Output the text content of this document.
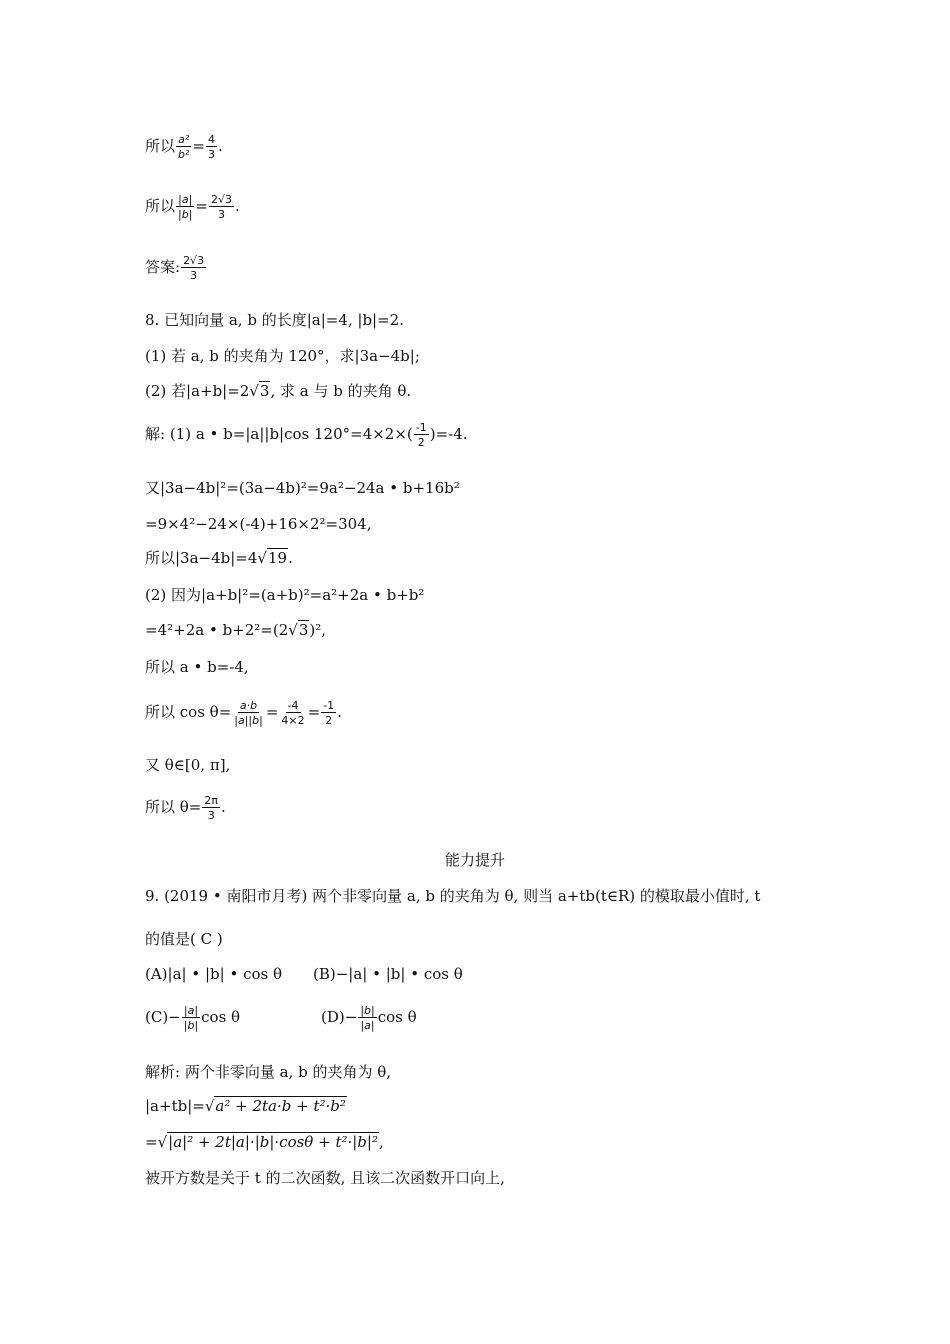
所以 $\frac{\text{a²}}{\text{b²}} = \frac{4}{3}$ .
所以 $\frac{|a|}{|b|} = \frac{2√3}{3}$ .
答案: $\frac{2√3}{3}$
8. 已知向量 a, b 的长度|a|=4, |b|=2.
(1) 若 a, b 的夹角为 120°，求|3a−4b|;
(2) 若|a+b|=2√3, 求 a 与 b 的夹角 θ.
解: (1) a • b=|a||b|cos $120^\circ=4\times 2\times( \frac{-1}{2} )=-4$.
又|3a−4b|²=(3a−4b)²=9a²−24a • b+16b²
=9×4²−24×(-4)+16×2²=304,
所以|3a−4b|=4√19.
(2) 因为|a+b|²=(a+b)²=a²+2a • b+b²
=4²+2a • b+2²=(2√3)²,
所以 a • b=-4,
所以 $\cos \theta= \frac{a\cdot b}{|a||b|} = \frac{-4}{4\times 2} = \frac{-1}{2}$ .
又 θ∈[0, π],
所以 $\theta= \frac{2\pi}{3}$ .
能力提升
9. (2019 • 南阳市月考) 两个非零向量 a, b 的夹角为 θ, 则当 a+tb(t∈R) 的模取最小值时, t
的值是( C )
(A)|a| • |b| • cos θ (B)−|a| • |b| • cos θ
$(C)- \frac{|a|}{|b|}$ cos θ	$(D)- \frac{|b|}{|a|}$ cos θ
解析: 两个非零向量 a, b 的夹角为 θ,
|a+tb|=√a² + 2ta·b + t²·b²
=√|a|² + 2t|a|·|b|·cosθ + t²·|b|²,
被开方数是关于 t 的二次函数, 且该二次函数开口向上,
